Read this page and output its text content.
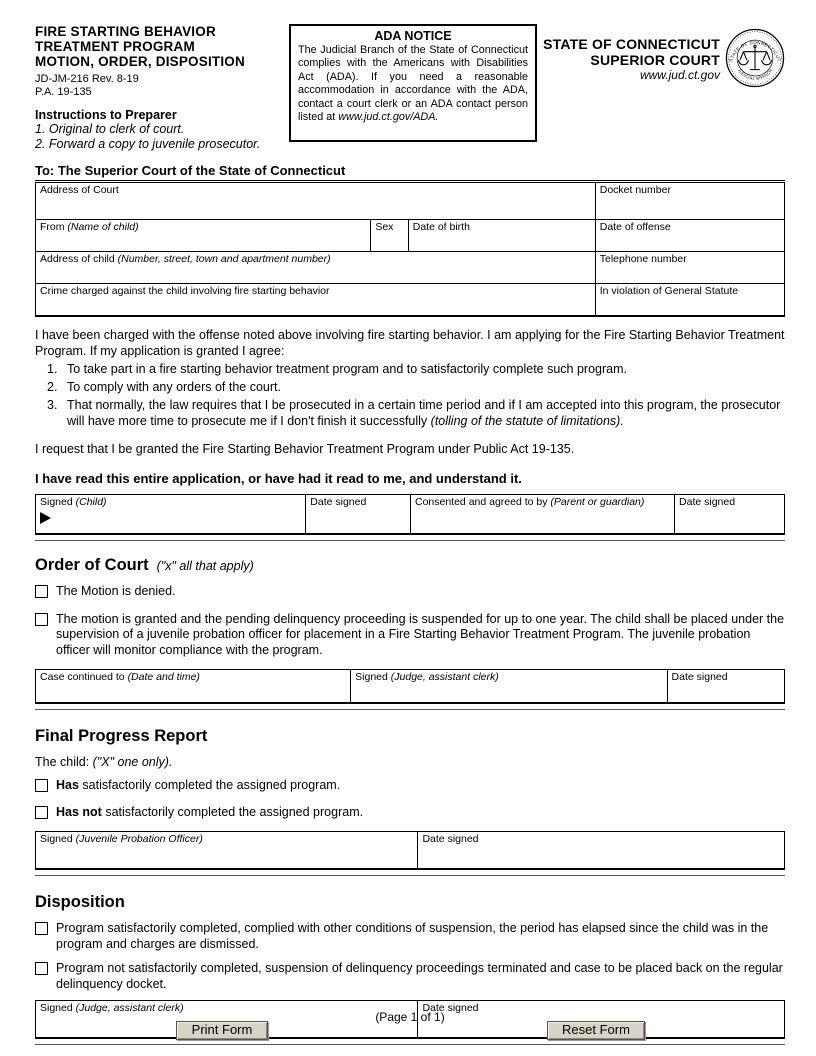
FIRE STARTING BEHAVIOR
TREATMENT PROGRAM
MOTION, ORDER, DISPOSITION
JD-JM-216 Rev. 8-19
P.A. 19-135
Instructions to Preparer
1. Original to clerk of court.
2. Forward a copy to juvenile prosecutor.
ADA NOTICE
The Judicial Branch of the State of Connecticut complies with the Americans with Disabilities Act (ADA). If you need a reasonable accommodation in accordance with the ADA, contact a court clerk or an ADA contact person listed at www.jud.ct.gov/ADA.
STATE OF CONNECTICUT
SUPERIOR COURT
www.jud.ct.gov
STATE OF CONNECTICUT
JUDICIAL BRANCH
To: The Superior Court of the State of Connecticut
Address of Court	Docket number
From (Name of child)	Sex	Date of birth	Date of offense
Address of child (Number, street, town and apartment number)	Telephone number
Crime charged against the child involving fire starting behavior	In violation of General Statute
I have been charged with the offense noted above involving fire starting behavior. I am applying for the Fire Starting Behavior Treatment Program. If my application is granted I agree:
1. To take part in a fire starting behavior treatment program and to satisfactorily complete such program.
2. To comply with any orders of the court.
3. That normally, the law requires that I be prosecuted in a certain time period and if I am accepted into this program, the prosecutor will have more time to prosecute me if I don't finish it successfully (tolling of the statute of limitations).
I request that I be granted the Fire Starting Behavior Treatment Program under Public Act 19-135.
I have read this entire application, or have had it read to me, and understand it.
Signed (Child)	Date signed	Consented and agreed to by (Parent or guardian)	Date signed
Order of Court ("x" all that apply)
The Motion is denied.
The motion is granted and the pending delinquency proceeding is suspended for up to one year. The child shall be placed under the supervision of a juvenile probation officer for placement in a Fire Starting Behavior Treatment Program. The juvenile probation officer will monitor compliance with the program.
Case continued to (Date and time)	Signed (Judge, assistant clerk)	Date signed
Final Progress Report
The child: ("X" one only).
Has satisfactorily completed the assigned program.
Has not satisfactorily completed the assigned program.
Signed (Juvenile Probation Officer)	Date signed
Disposition
Program satisfactorily completed, complied with other conditions of suspension, the period has elapsed since the child was in the program and charges are dismissed.
Program not satisfactorily completed, suspension of delinquency proceedings terminated and case to be placed back on the regular delinquency docket.
Signed (Judge, assistant clerk)	Date signed
(Page 1 of 1)
Print Form	Reset Form
